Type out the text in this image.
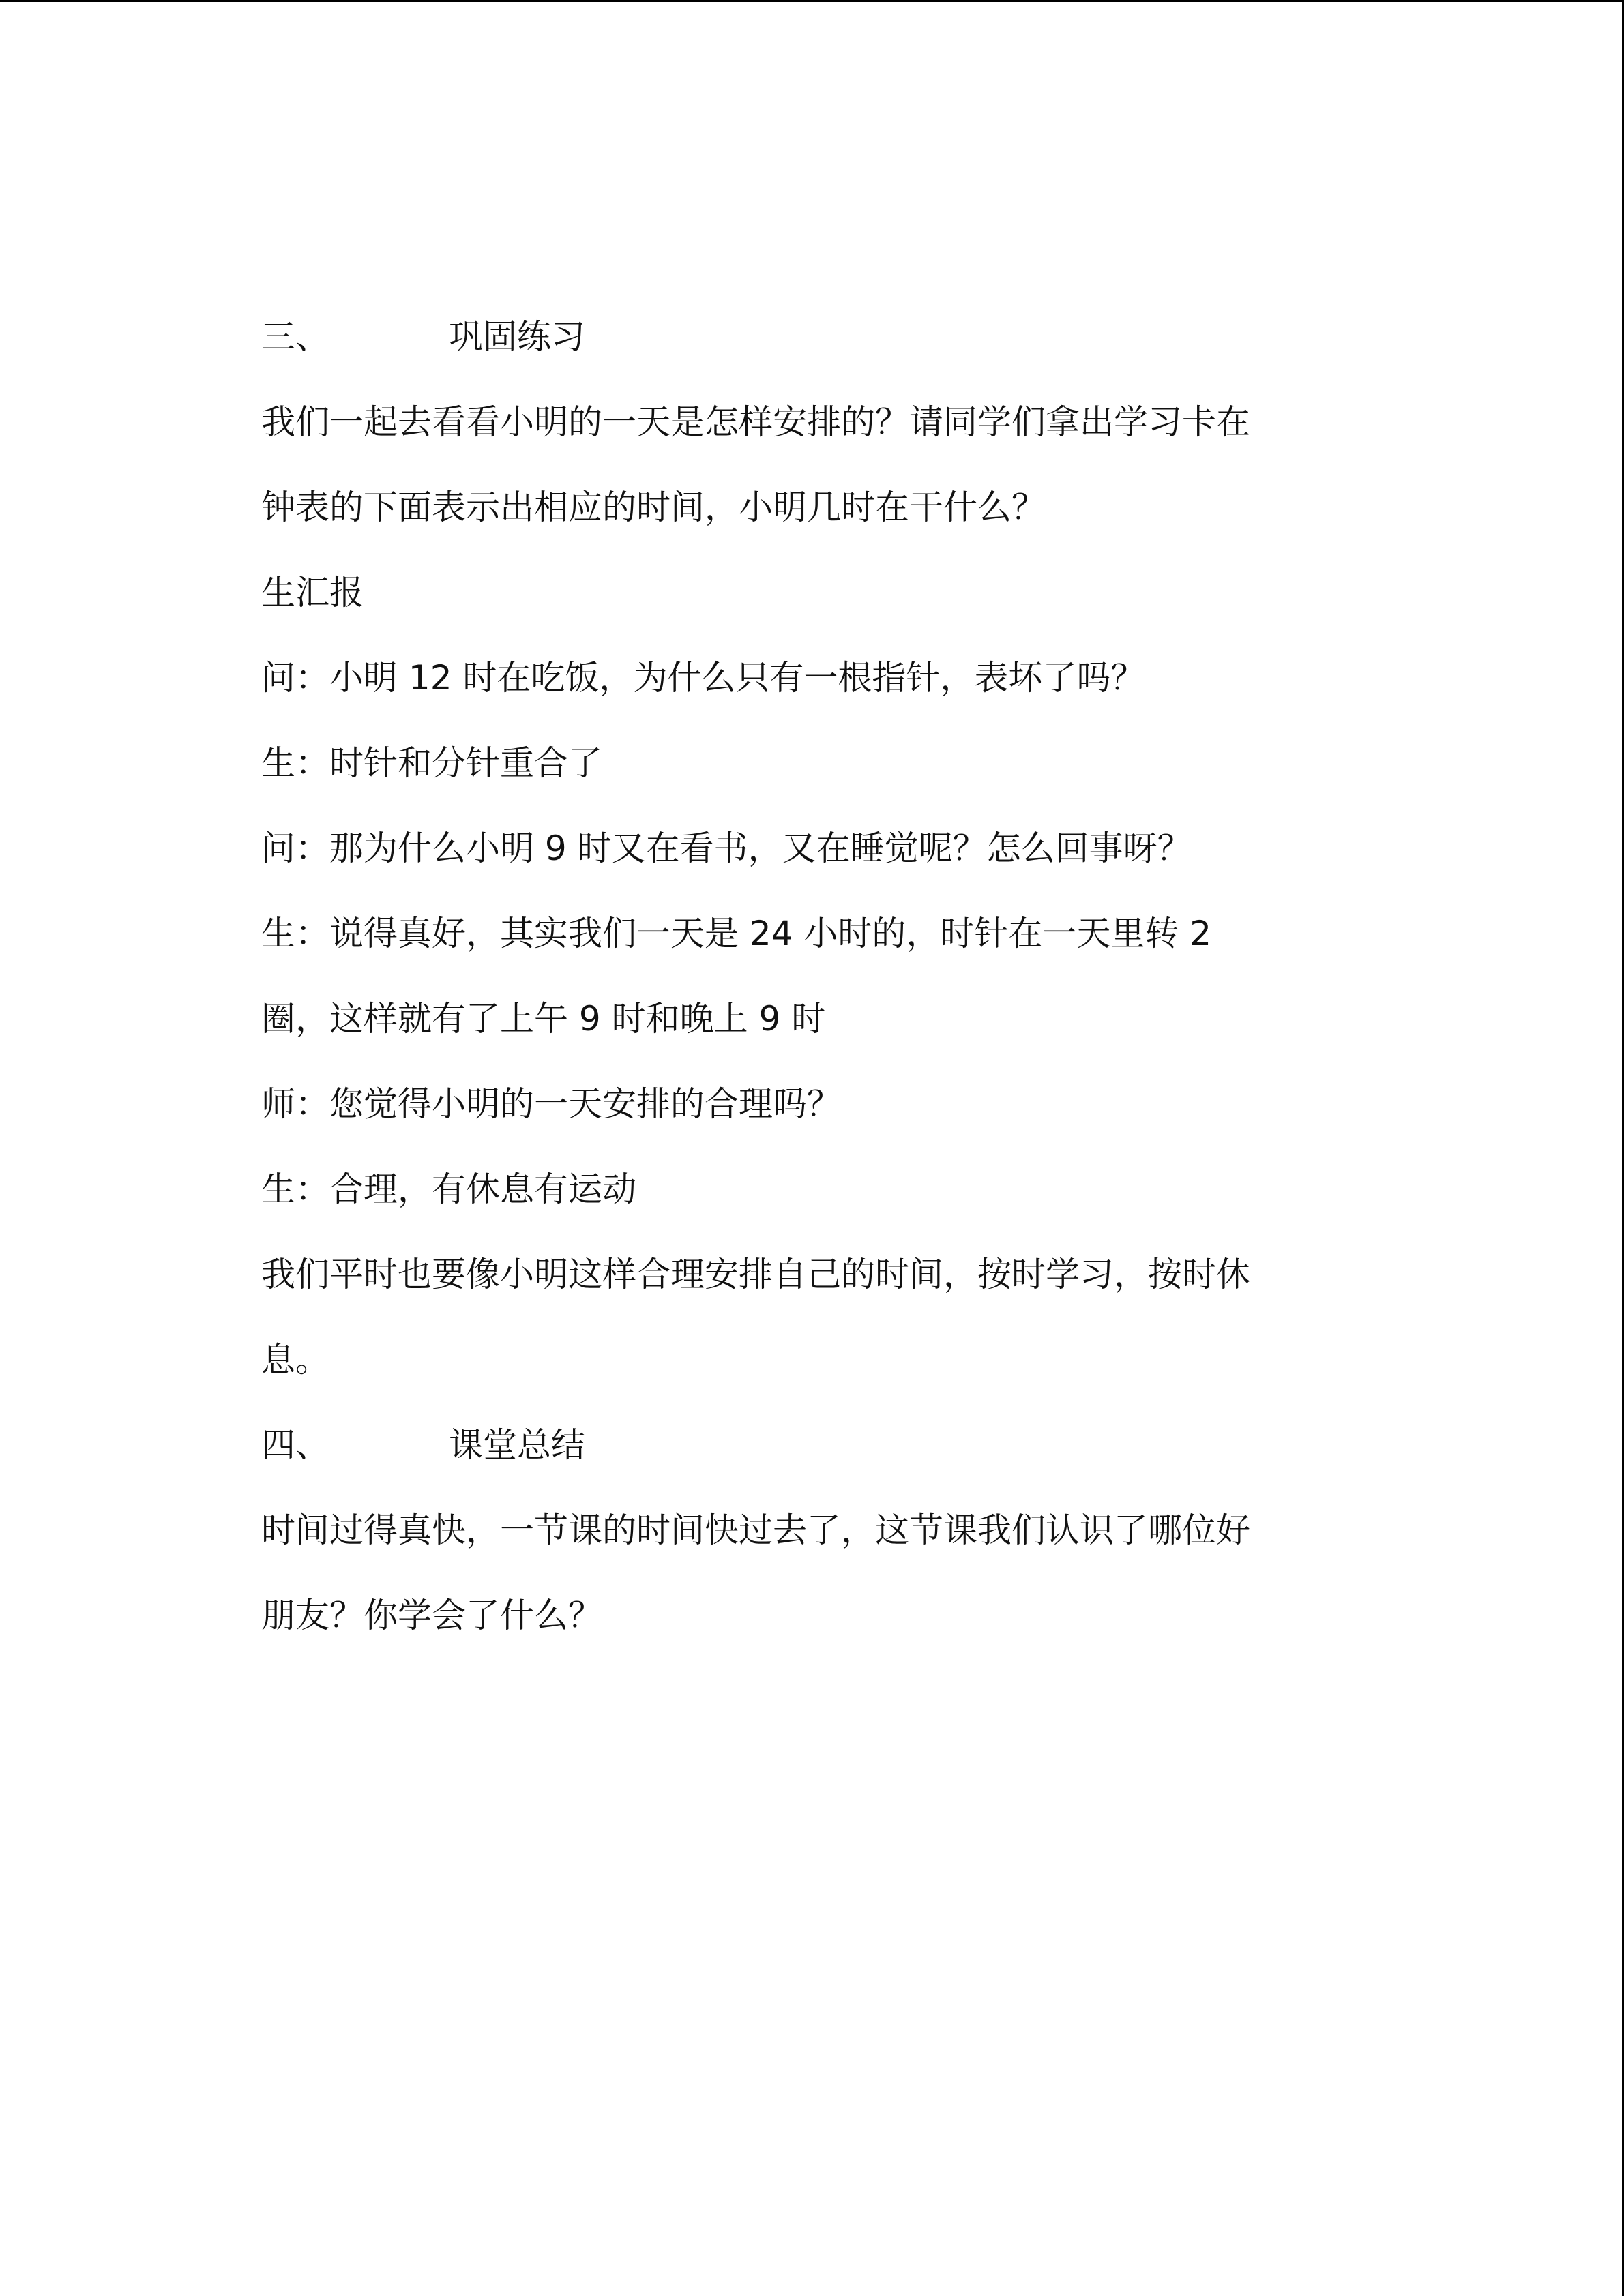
三、	巩固练习

我们一起去看看小明的一天是怎样安排的？请同学们拿出学习卡在

钟表的下面表示出相应的时间，小明几时在干什么？

生汇报

问：小明 12 时在吃饭，为什么只有一根指针，表坏了吗？

生：时针和分针重合了

问：那为什么小明 9 时又在看书，又在睡觉呢？怎么回事呀？

生：说得真好，其实我们一天是 24 小时的，时针在一天里转 2

圈，这样就有了上午 9 时和晚上 9 时

师：您觉得小明的一天安排的合理吗？

生：合理，有休息有运动

我们平时也要像小明这样合理安排自己的时间，按时学习，按时休

息。

四、	课堂总结

时间过得真快，一节课的时间快过去了，这节课我们认识了哪位好

朋友？你学会了什么？
